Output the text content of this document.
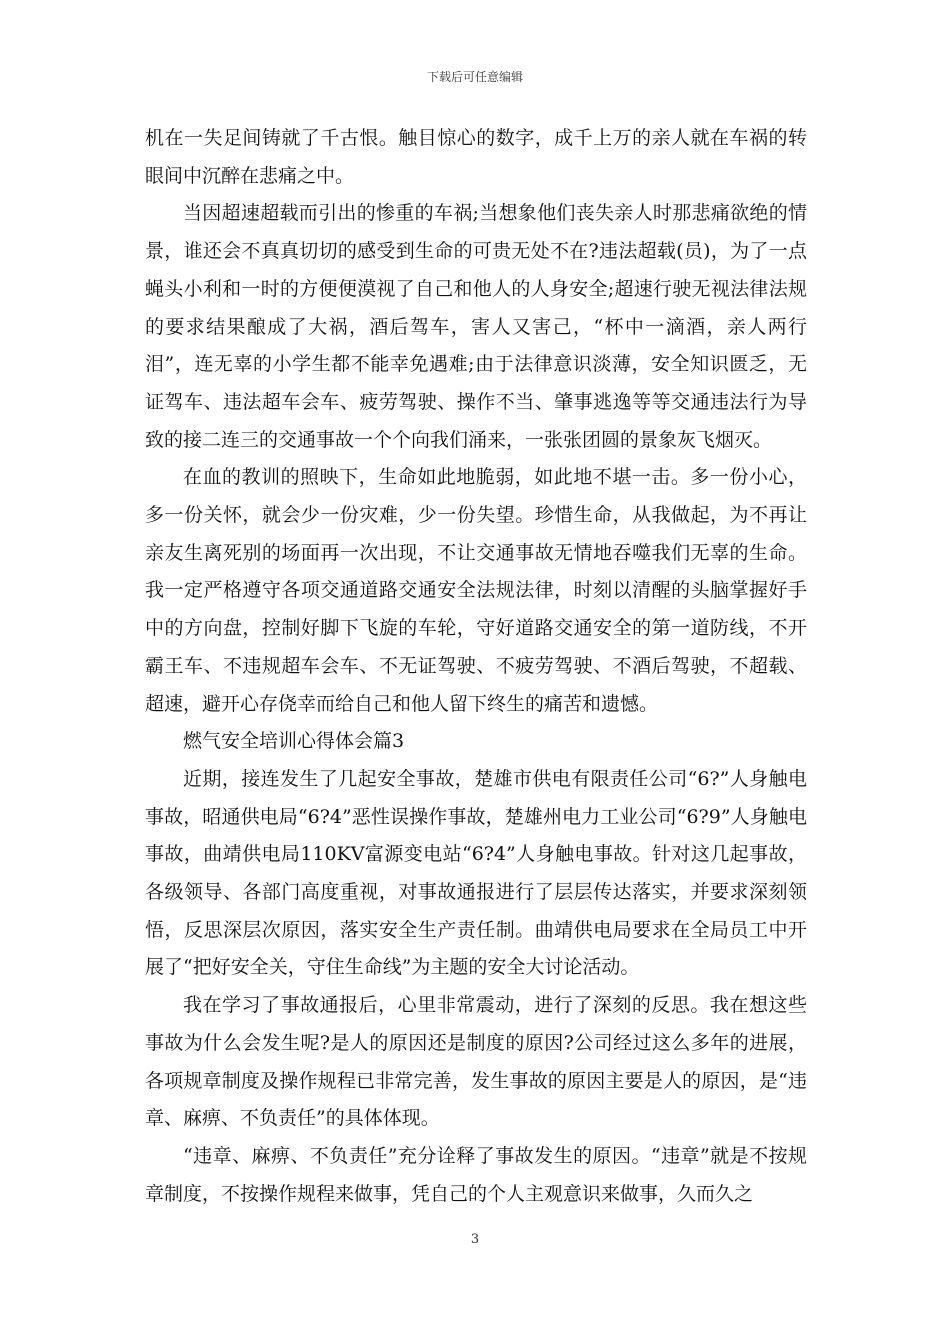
下载后可任意编辑

机在一失足间铸就了千古恨。触目惊心的数字，成千上万的亲人就在车祸的转眼间中沉醉在悲痛之中。

当因超速超载而引出的惨重的车祸;当想象他们丧失亲人时那悲痛欲绝的情景，谁还会不真真切切的感受到生命的可贵无处不在?违法超载(员)，为了一点蝇头小利和一时的方便便漠视了自己和他人的人身安全;超速行驶无视法律法规的要求结果酿成了大祸，酒后驾车，害人又害己，“杯中一滴酒，亲人两行泪”，连无辜的小学生都不能幸免遇难;由于法律意识淡薄，安全知识匮乏，无证驾车、违法超车会车、疲劳驾驶、操作不当、肇事逃逸等等交通违法行为导致的接二连三的交通事故一个个向我们涌来，一张张团圆的景象灰飞烟灭。

在血的教训的照映下，生命如此地脆弱，如此地不堪一击。多一份小心，多一份关怀，就会少一份灾难，少一份失望。珍惜生命，从我做起，为不再让亲友生离死别的场面再一次出现，不让交通事故无情地吞噬我们无辜的生命。我一定严格遵守各项交通道路交通安全法规法律，时刻以清醒的头脑掌握好手中的方向盘，控制好脚下飞旋的车轮，守好道路交通安全的第一道防线，不开霸王车、不违规超车会车、不无证驾驶、不疲劳驾驶、不酒后驾驶，不超载、超速，避开心存侥幸而给自己和他人留下终生的痛苦和遗憾。

燃气安全培训心得体会篇3

近期，接连发生了几起安全事故，楚雄市供电有限责任公司“6?”人身触电事故，昭通供电局“6?4”恶性误操作事故，楚雄州电力工业公司“6?9”人身触电事故，曲靖供电局110KV富源变电站“6?4”人身触电事故。针对这几起事故，各级领导、各部门高度重视，对事故通报进行了层层传达落实，并要求深刻领悟，反思深层次原因，落实安全生产责任制。曲靖供电局要求在全局员工中开展了“把好安全关，守住生命线”为主题的安全大讨论活动。

我在学习了事故通报后，心里非常震动，进行了深刻的反思。我在想这些事故为什么会发生呢?是人的原因还是制度的原因?公司经过这么多年的进展，各项规章制度及操作规程已非常完善，发生事故的原因主要是人的原因，是“违章、麻痹、不负责任”的具体体现。

“违章、麻痹、不负责任”充分诠释了事故发生的原因。“违章”就是不按规章制度，不按操作规程来做事，凭自己的个人主观意识来做事，久而久之

3
